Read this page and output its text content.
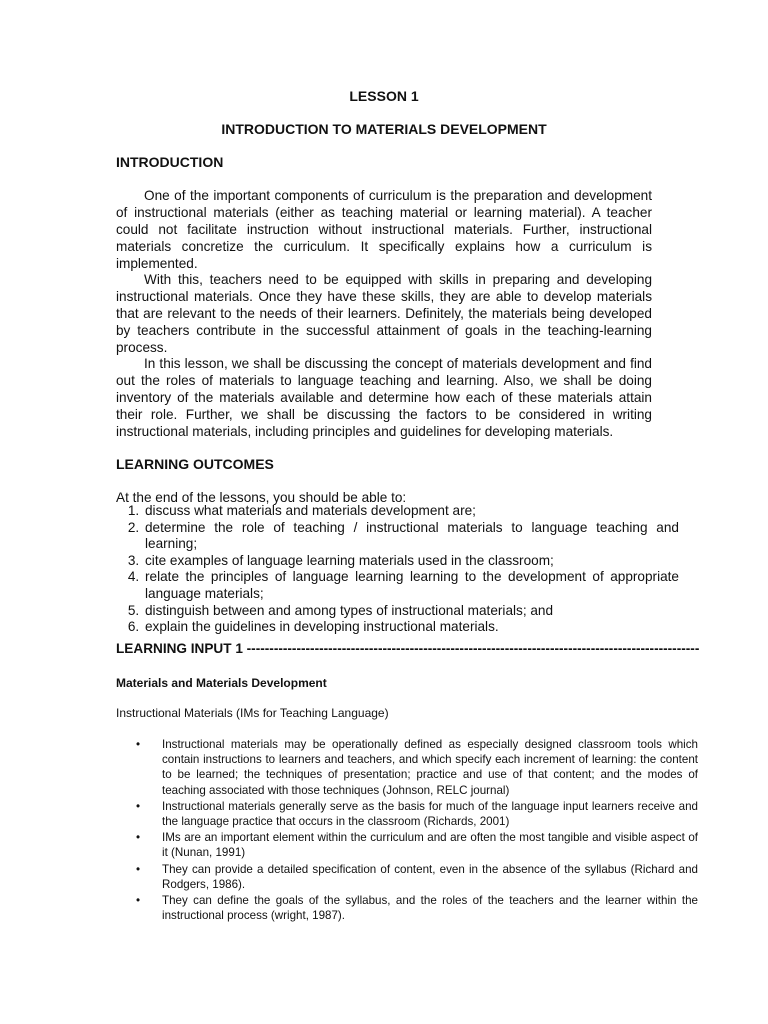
LESSON 1
INTRODUCTION TO MATERIALS DEVELOPMENT
INTRODUCTION

One of the important components of curriculum is the preparation and development of instructional materials (either as teaching material or learning material). A teacher could not facilitate instruction without instructional materials. Further, instructional materials concretize the curriculum. It specifically explains how a curriculum is implemented.

With this, teachers need to be equipped with skills in preparing and developing instructional materials. Once they have these skills, they are able to develop materials that are relevant to the needs of their learners. Definitely, the materials being developed by teachers contribute in the successful attainment of goals in the teaching-learning process.

In this lesson, we shall be discussing the concept of materials development and find out the roles of materials to language teaching and learning. Also, we shall be doing inventory of the materials available and determine how each of these materials attain their role. Further, we shall be discussing the factors to be considered in writing instructional materials, including principles and guidelines for developing materials.

LEARNING OUTCOMES

At the end of the lessons, you should be able to:

1. discuss what materials and materials development are;
2. determine the role of teaching / instructional materials to language teaching and learning;
3. cite examples of language learning materials used in the classroom;
4. relate the principles of language learning learning to the development of appropriate language materials;
5. distinguish between and among types of instructional materials; and
6. explain the guidelines in developing instructional materials.
LEARNING INPUT 1 ----------------------------------------------------------------------------------------------------
Materials and Materials Development
Instructional Materials (IMs for Teaching Language)
• Instructional materials may be operationally defined as especially designed classroom tools which contain instructions to learners and teachers, and which specify each increment of learning: the content to be learned; the techniques of presentation; practice and use of that content; and the modes of teaching associated with those techniques (Johnson, RELC journal)
• Instructional materials generally serve as the basis for much of the language input learners receive and the language practice that occurs in the classroom (Richards, 2001)
• IMs are an important element within the curriculum and are often the most tangible and visible aspect of it (Nunan, 1991)
• They can provide a detailed specification of content, even in the absence of the syllabus (Richard and Rodgers, 1986).
• They can define the goals of the syllabus, and the roles of the teachers and the learner within the instructional process (wright, 1987).
